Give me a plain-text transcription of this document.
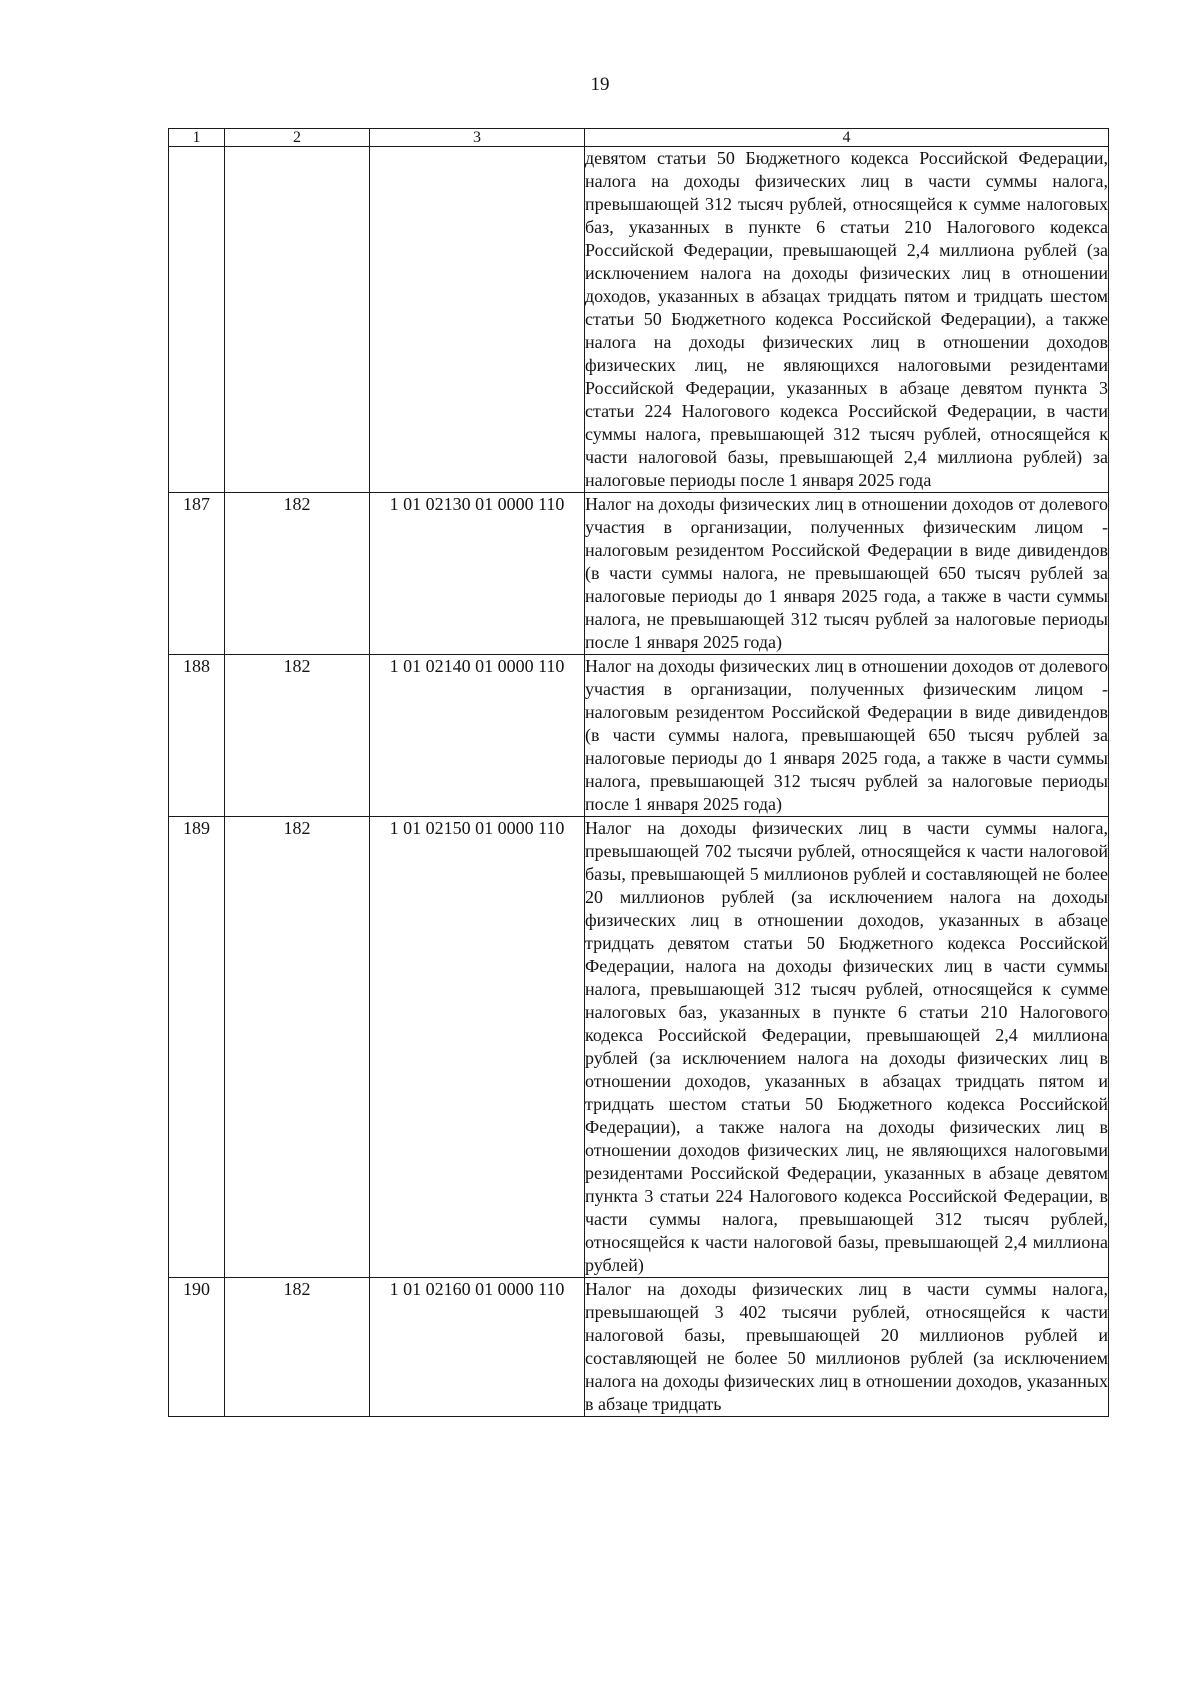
19
1	2	3	4
			девятом статьи 50 Бюджетного кодекса Российской Федерации, налога на доходы физических лиц в части суммы налога, превышающей 312 тысяч рублей, относящейся к сумме налоговых баз, указанных в пункте 6 статьи 210 Налогового кодекса Российской Федерации, превышающей 2,4 миллиона рублей (за исключением налога на доходы физических лиц в отношении доходов, указанных в абзацах тридцать пятом и тридцать шестом статьи 50 Бюджетного кодекса Российской Федерации), а также налога на доходы физических лиц в отношении доходов физических лиц, не являющихся налоговыми резидентами Российской Федерации, указанных в абзаце девятом пункта 3 статьи 224 Налогового кодекса Российской Федерации, в части суммы налога, превышающей 312 тысяч рублей, относящейся к части налоговой базы, превышающей 2,4 миллиона рублей) за налоговые периоды после 1 января 2025 года
187	182	1 01 02130 01 0000 110	Налог на доходы физических лиц в отношении доходов от долевого участия в организации, полученных физическим лицом - налоговым резидентом Российской Федерации в виде дивидендов (в части суммы налога, не превышающей 650 тысяч рублей за налоговые периоды до 1 января 2025 года, а также в части суммы налога, не превышающей 312 тысяч рублей за налоговые периоды после 1 января 2025 года)
188	182	1 01 02140 01 0000 110	Налог на доходы физических лиц в отношении доходов от долевого участия в организации, полученных физическим лицом - налоговым резидентом Российской Федерации в виде дивидендов (в части суммы налога, превышающей 650 тысяч рублей за налоговые периоды до 1 января 2025 года, а также в части суммы налога, превышающей 312 тысяч рублей за налоговые периоды после 1 января 2025 года)
189	182	1 01 02150 01 0000 110	Налог на доходы физических лиц в части суммы налога, превышающей 702 тысячи рублей, относящейся к части налоговой базы, превышающей 5 миллионов рублей и составляющей не более 20 миллионов рублей (за исключением налога на доходы физических лиц в отношении доходов, указанных в абзаце тридцать девятом статьи 50 Бюджетного кодекса Российской Федерации, налога на доходы физических лиц в части суммы налога, превышающей 312 тысяч рублей, относящейся к сумме налоговых баз, указанных в пункте 6 статьи 210 Налогового кодекса Российской Федерации, превышающей 2,4 миллиона рублей (за исключением налога на доходы физических лиц в отношении доходов, указанных в абзацах тридцать пятом и тридцать шестом статьи 50 Бюджетного кодекса Российской Федерации), а также налога на доходы физических лиц в отношении доходов физических лиц, не являющихся налоговыми резидентами Российской Федерации, указанных в абзаце девятом пункта 3 статьи 224 Налогового кодекса Российской Федерации, в части суммы налога, превышающей 312 тысяч рублей, относящейся к части налоговой базы, превышающей 2,4 миллиона рублей)
190	182	1 01 02160 01 0000 110	Налог на доходы физических лиц в части суммы налога, превышающей 3 402 тысячи рублей, относящейся к части налоговой базы, превышающей 20 миллионов рублей и составляющей не более 50 миллионов рублей (за исключением налога на доходы физических лиц в отношении доходов, указанных в абзаце тридцать
